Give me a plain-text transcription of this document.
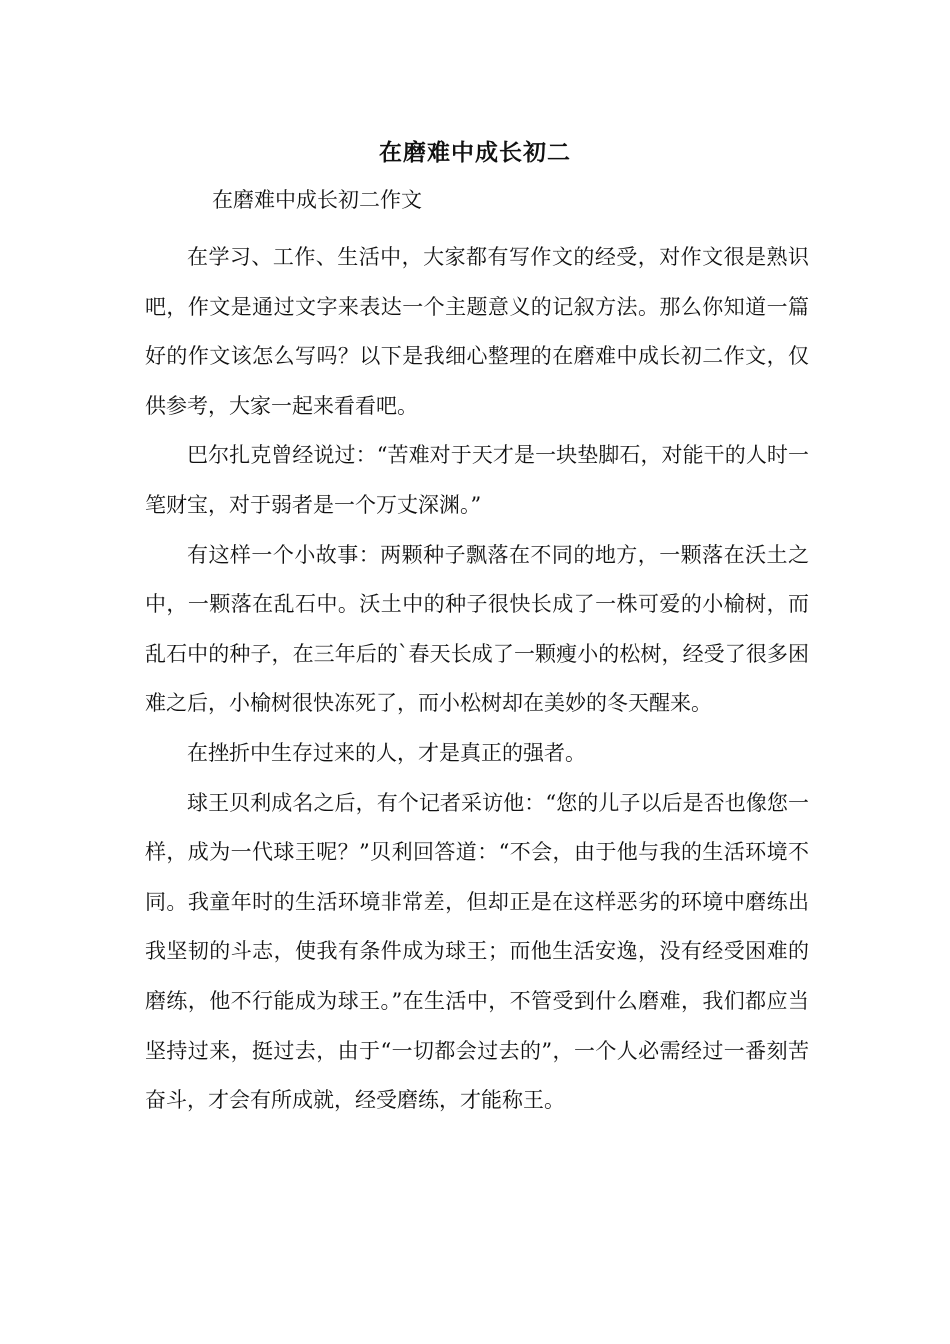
在磨难中成长初二
在磨难中成长初二作文

在学习、工作、生活中，大家都有写作文的经受，对作文很是熟识吧，作文是通过文字来表达一个主题意义的记叙方法。那么你知道一篇好的作文该怎么写吗？以下是我细心整理的在磨难中成长初二作文，仅供参考，大家一起来看看吧。

巴尔扎克曾经说过：“苦难对于天才是一块垫脚石，对能干的人时一笔财宝，对于弱者是一个万丈深渊。”

有这样一个小故事：两颗种子飘落在不同的地方，一颗落在沃土之中，一颗落在乱石中。沃土中的种子很快长成了一株可爱的小榆树，而乱石中的种子，在三年后的`春天长成了一颗瘦小的松树，经受了很多困难之后，小榆树很快冻死了，而小松树却在美妙的冬天醒来。

在挫折中生存过来的人，才是真正的强者。

球王贝利成名之后，有个记者采访他：“您的儿子以后是否也像您一样，成为一代球王呢？”贝利回答道：“不会，由于他与我的生活环境不同。我童年时的生活环境非常差，但却正是在这样恶劣的环境中磨练出我坚韧的斗志，使我有条件成为球王；而他生活安逸，没有经受困难的磨练，他不行能成为球王。”在生活中，不管受到什么磨难，我们都应当坚持过来，挺过去，由于“一切都会过去的”，一个人必需经过一番刻苦奋斗，才会有所成就，经受磨练，才能称王。
